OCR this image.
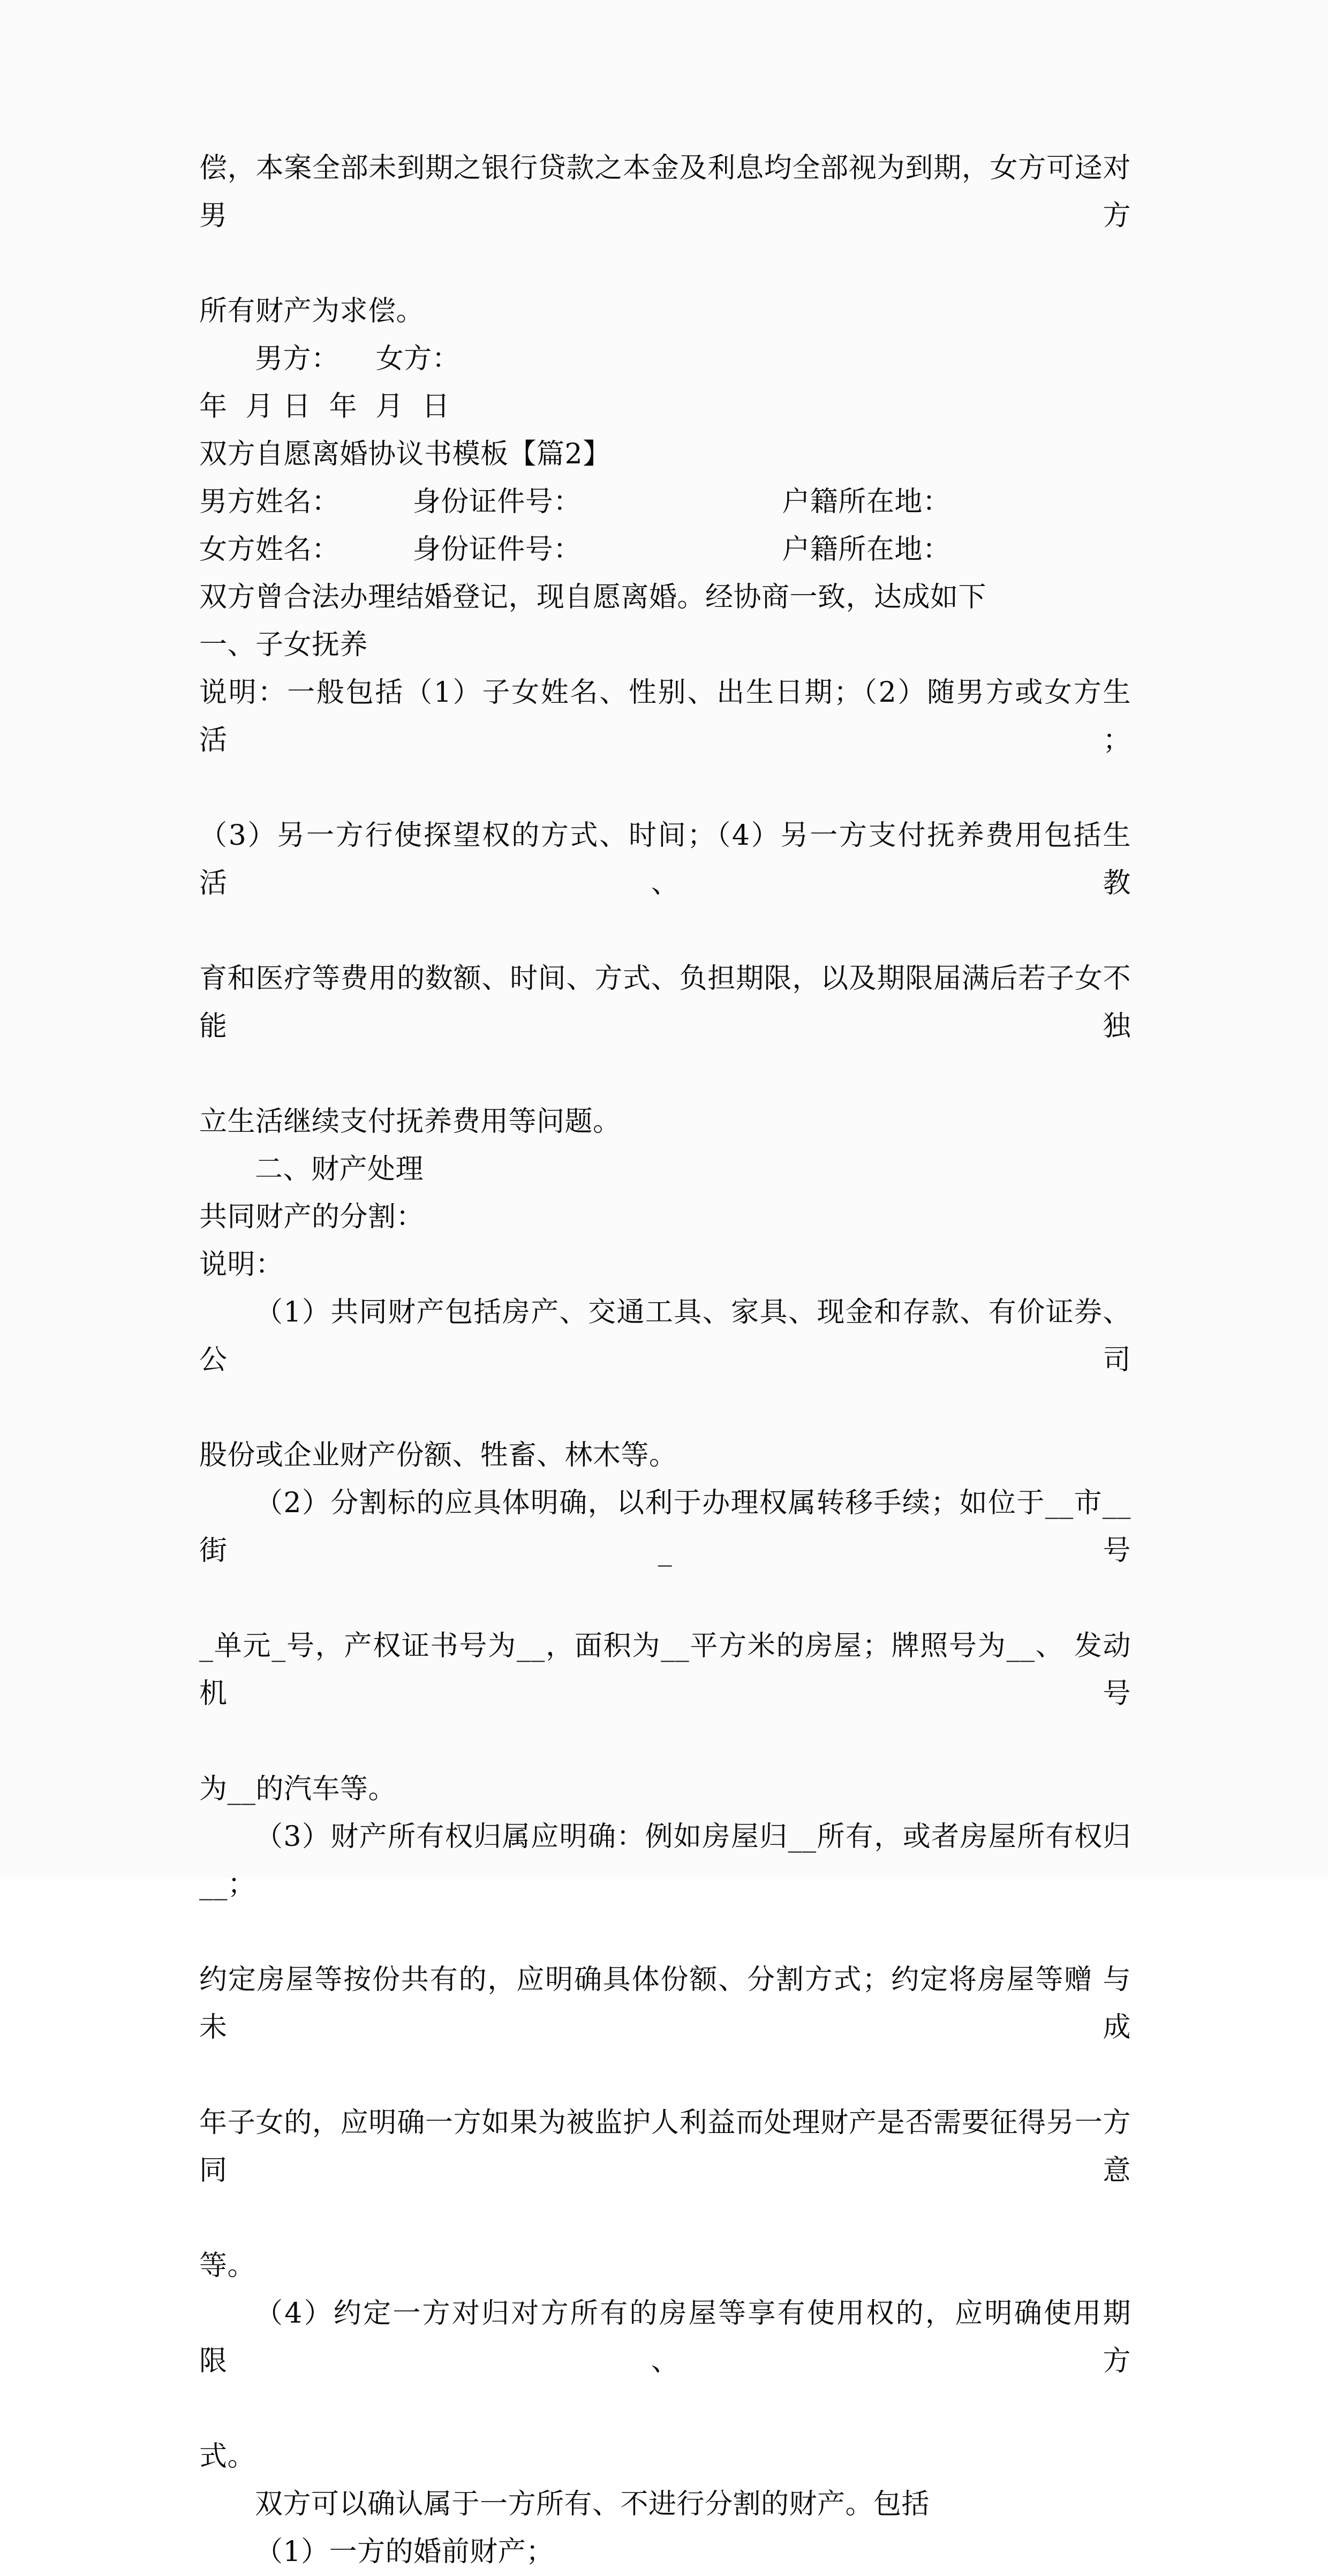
偿，本案全部未到期之银行贷款之本金及利息均全部视为到期，女方可迳对男方
所有财产为求偿。
男方：    女方：
年  月 日  年  月  日
双方自愿离婚协议书模板【篇2】
男方姓名：        身份证件号：                      户籍所在地：
女方姓名：        身份证件号：                      户籍所在地：
双方曾合法办理结婚登记，现自愿离婚。经协商一致，达成如下
一、子女抚养
说明：一般包括（1）子女姓名、性别、出生日期；（2）随男方或女方生活；
（3）另一方行使探望权的方式、时间；（4）另一方支付抚养费用包括生活、教
育和医疗等费用的数额、时间、方式、负担期限，以及期限届满后若子女不能独
立生活继续支付抚养费用等问题。
二、财产处理
共同财产的分割：
说明：
（1）共同财产包括房产、交通工具、家具、现金和存款、有价证券、公司
股份或企业财产份额、牲畜、林木等。
（2）分割标的应具体明确，以利于办理权属转移手续；如位于__市__街_号
_单元_号，产权证书号为__，面积为__平方米的房屋；牌照号为__、 发动机号
为__的汽车等。
（3）财产所有权归属应明确：例如房屋归__所有，或者房屋所有权归__；
约定房屋等按份共有的，应明确具体份额、分割方式；约定将房屋等赠 与未成
年子女的，应明确一方如果为被监护人利益而处理财产是否需要征得另一方同意
等。
（4）约定一方对归对方所有的房屋等享有使用权的，应明确使用期限、方
式。
双方可以确认属于一方所有、不进行分割的财产。包括
（1）一方的婚前财产；
